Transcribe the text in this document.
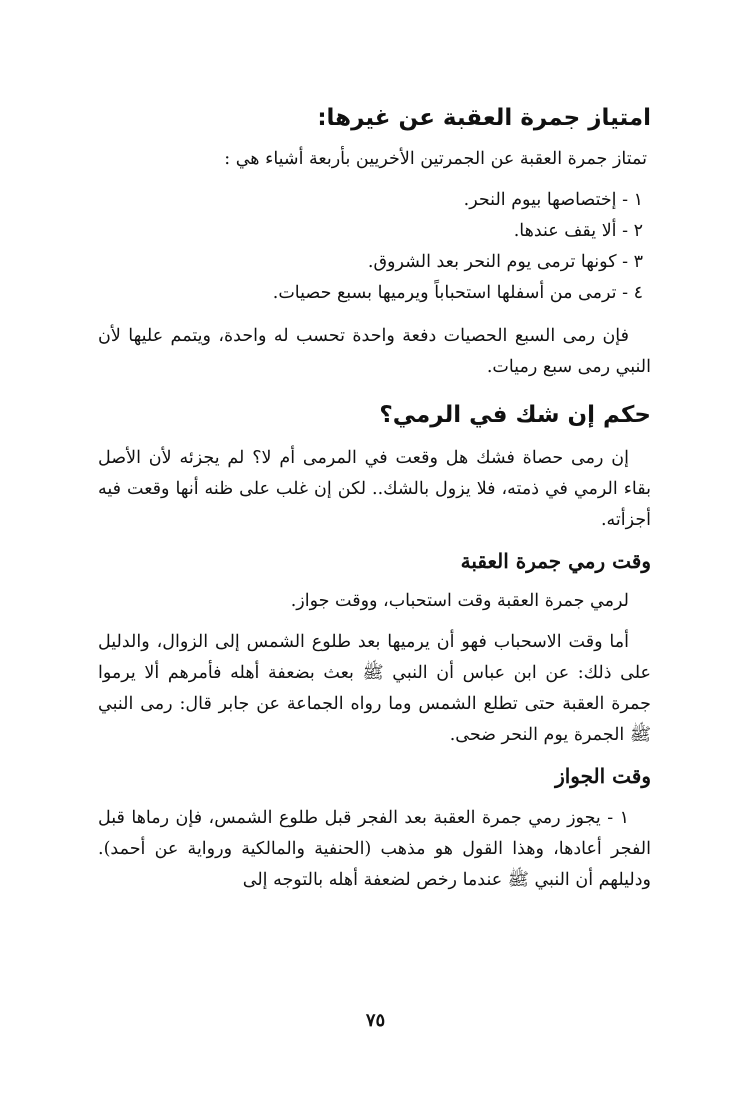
امتياز جمرة العقبة عن غيرها:

تمتاز جمرة العقبة عن الجمرتين الأخريين بأربعة أشياء هي :

١ - إختصاصها بيوم النحر.
٢ - ألا يقف عندها.
٣ - كونها ترمى يوم النحر بعد الشروق.
٤ - ترمى من أسفلها استحباباً ويرميها بسبع حصيات.

فإن رمى السبع الحصيات دفعة واحدة تحسب له واحدة، ويتمم عليها لأن النبي رمى سبع رميات.

حكم إن شك في الرمي؟

إن رمى حصاة فشك هل وقعت في المرمى أم لا؟ لم يجزئه لأن الأصل بقاء الرمي في ذمته، فلا يزول بالشك.. لكن إن غلب على ظنه أنها وقعت فيه أجزأته.

وقت رمي جمرة العقبة

لرمي جمرة العقبة وقت استحباب، ووقت جواز.

أما وقت الاسحباب فهو أن يرميها بعد طلوع الشمس إلى الزوال، والدليل على ذلك: عن ابن عباس أن النبي ﷺ بعث بضعفة أهله فأمرهم ألا يرموا جمرة العقبة حتى تطلع الشمس وما رواه الجماعة عن جابر قال: رمى النبي ﷺ الجمرة يوم النحر ضحى.

وقت الجواز

١ - يجوز رمي جمرة العقبة بعد الفجر قبل طلوع الشمس، فإن رماها قبل الفجر أعادها، وهذا القول هو مذهب (الحنفية والمالكية ورواية عن أحمد). ودليلهم أن النبي ﷺ عندما رخص لضعفة أهله بالتوجه إلى

٧٥
